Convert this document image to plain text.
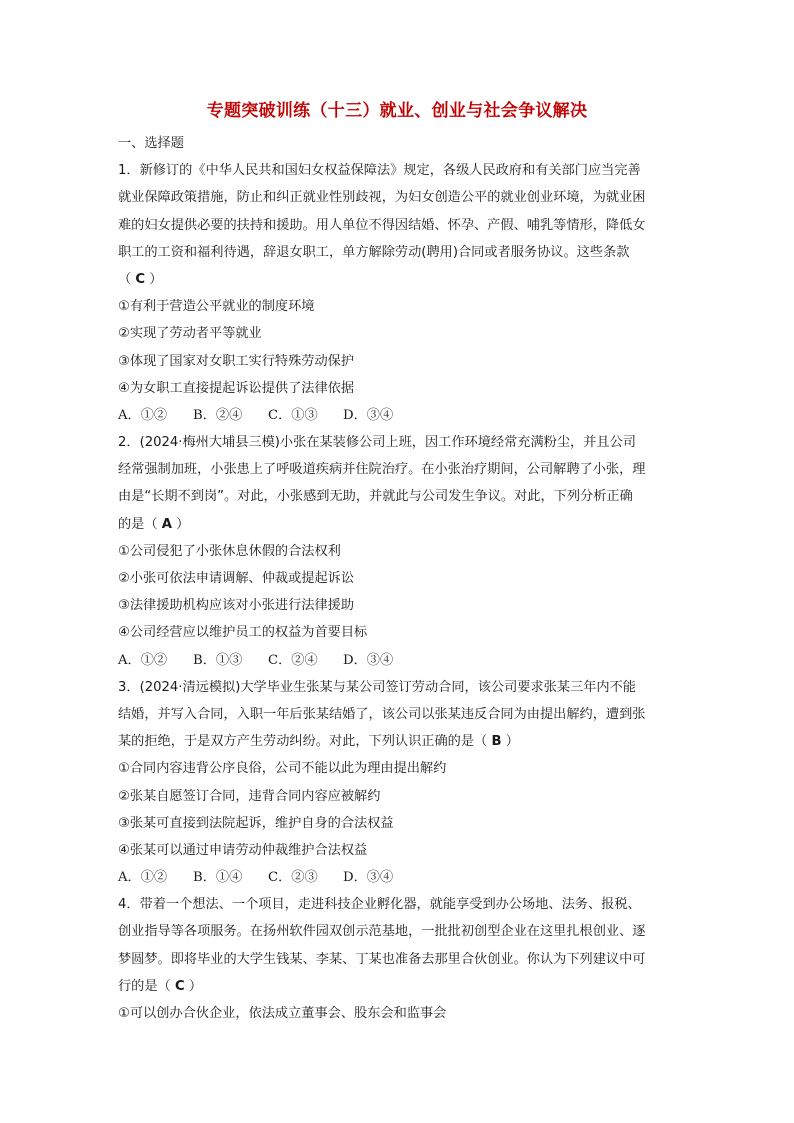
专题突破训练（十三）就业、创业与社会争议解决
一、选择题
1．新修订的《中华人民共和国妇女权益保障法》规定，各级人民政府和有关部门应当完善
就业保障政策措施，防止和纠正就业性别歧视，为妇女创造公平的就业创业环境，为就业困
难的妇女提供必要的扶持和援助。用人单位不得因结婚、怀孕、产假、哺乳等情形，降低女
职工的工资和福利待遇，辞退女职工，单方解除劳动(聘用)合同或者服务协议。这些条款
（ C ）
①有利于营造公平就业的制度环境
②实现了劳动者平等就业
③体现了国家对女职工实行特殊劳动保护
④为女职工直接提起诉讼提供了法律依据
A．①② B．②④ C．①③ D．③④
2．(2024·梅州大埔县三模)小张在某装修公司上班，因工作环境经常充满粉尘，并且公司
经常强制加班，小张患上了呼吸道疾病并住院治疗。在小张治疗期间，公司解聘了小张，理
由是“长期不到岗”。对此，小张感到无助，并就此与公司发生争议。对此，下列分析正确
的是（ A ）
①公司侵犯了小张休息休假的合法权利
②小张可依法申请调解、仲裁或提起诉讼
③法律援助机构应该对小张进行法律援助
④公司经营应以维护员工的权益为首要目标
A．①② B．①③ C．②④ D．③④
3．(2024·清远模拟)大学毕业生张某与某公司签订劳动合同，该公司要求张某三年内不能
结婚，并写入合同，入职一年后张某结婚了，该公司以张某违反合同为由提出解约，遭到张
某的拒绝，于是双方产生劳动纠纷。对此，下列认识正确的是（ B ）
①合同内容违背公序良俗，公司不能以此为理由提出解约
②张某自愿签订合同，违背合同内容应被解约
③张某可直接到法院起诉，维护自身的合法权益
④张某可以通过申请劳动仲裁维护合法权益
A．①② B．①④ C．②③ D．③④
4．带着一个想法、一个项目，走进科技企业孵化器，就能享受到办公场地、法务、报税、
创业指导等各项服务。在扬州软件园双创示范基地，一批批初创型企业在这里扎根创业、逐
梦圆梦。即将毕业的大学生钱某、李某、丁某也准备去那里合伙创业。你认为下列建议中可
行的是（ C ）
①可以创办合伙企业，依法成立董事会、股东会和监事会
